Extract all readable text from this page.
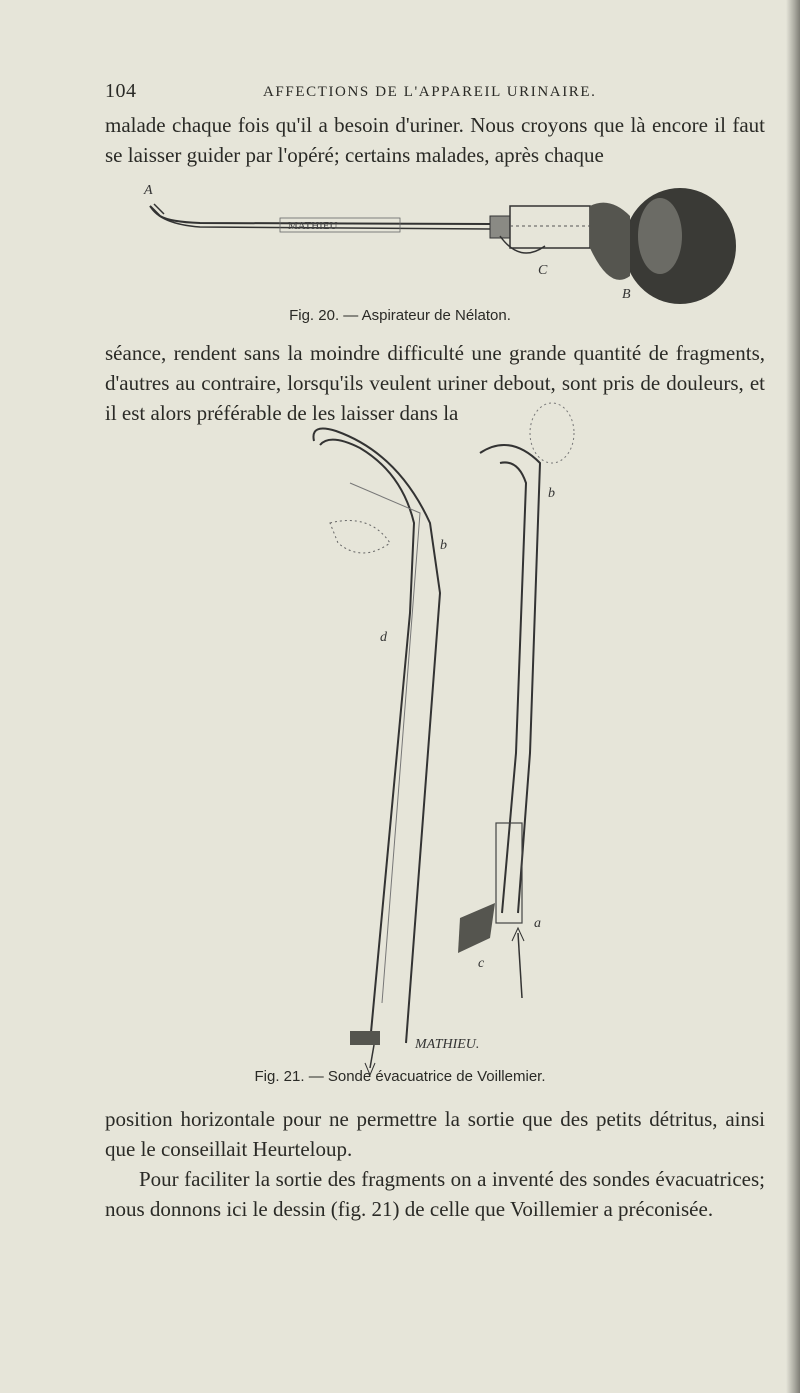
104	AFFECTIONS DE L'APPAREIL URINAIRE.

malade chaque fois qu'il a besoin d'uriner. Nous croyons que là encore il faut se laisser guider par l'opéré; certains malades, après chaque

MATHIEU
A
C
B
Fig. 20. — Aspirateur de Nélaton.

séance, rendent sans la moindre difficulté une grande quantité de fragments, d'autres au contraire, lorsqu'ils veulent uriner debout, sont pris de douleurs, et il est alors préférable de les laisser dans la

d
b
b
a
c
MATHIEU.
Fig. 21. — Sonde évacuatrice de Voillemier.

position horizontale pour ne permettre la sortie que des petits détritus, ainsi que le conseillait Heurteloup.

Pour faciliter la sortie des fragments on a inventé des sondes évacuatrices; nous donnons ici le dessin (fig. 21) de celle que Voillemier a préconisée.
